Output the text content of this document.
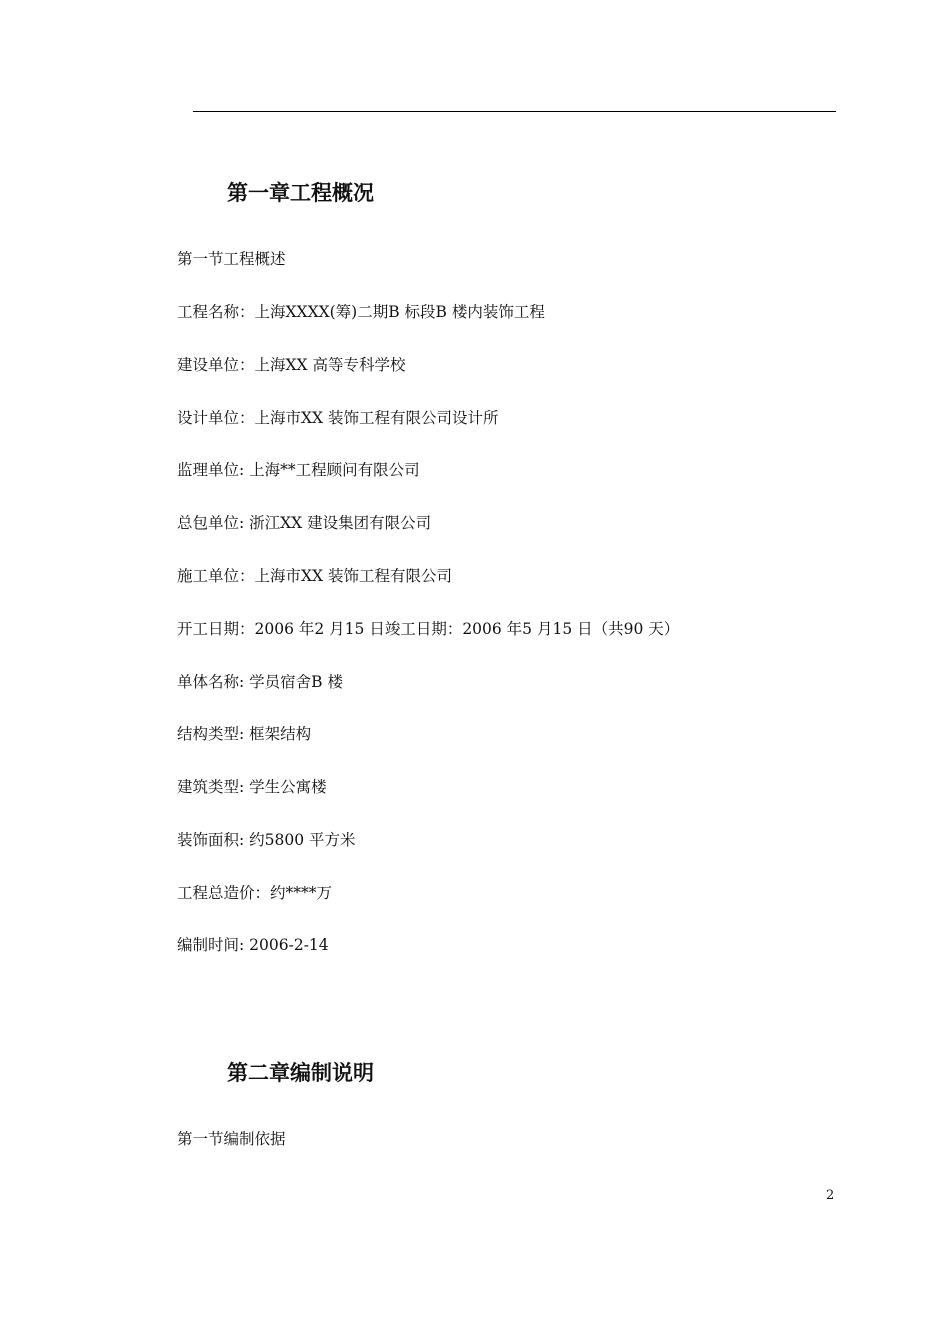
第一章工程概况

第一节工程概述

工程名称：上海XXXX(筹)二期B 标段B 楼内装饰工程

建设单位：上海XX 高等专科学校

设计单位：上海市XX 装饰工程有限公司设计所

监理单位: 上海**工程顾问有限公司

总包单位: 浙江XX 建设集团有限公司

施工单位：上海市XX 装饰工程有限公司

开工日期：2006 年2 月15 日竣工日期：2006 年5 月15 日（共90 天）

单体名称: 学员宿舍B 楼

结构类型: 框架结构

建筑类型: 学生公寓楼

装饰面积: 约5800 平方米

工程总造价：约****万

编制时间: 2006-2-14

第二章编制说明

第一节编制依据

2
